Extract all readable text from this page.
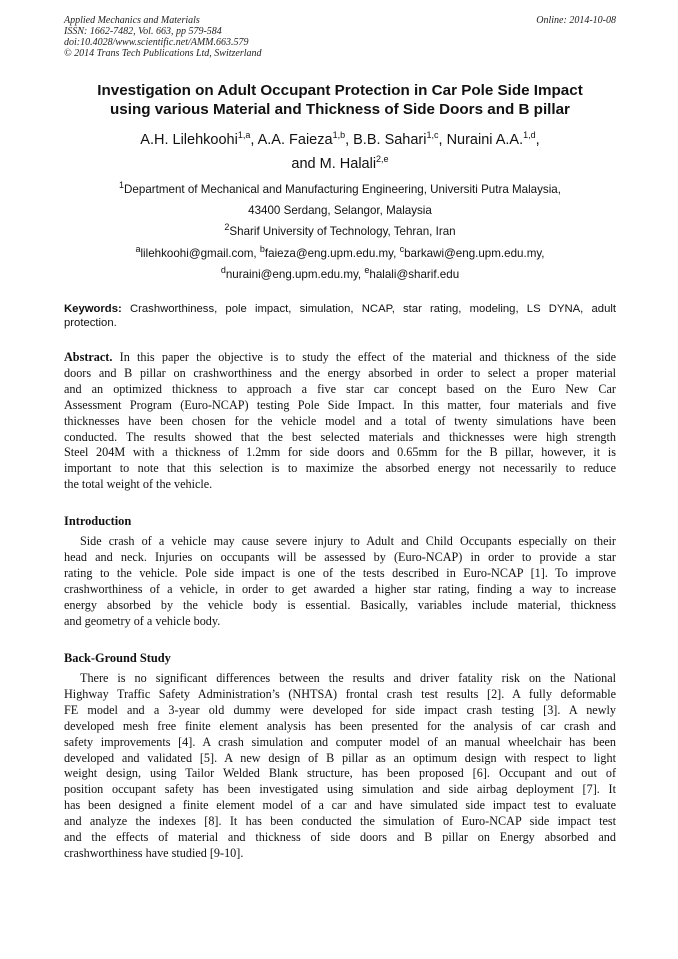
Applied Mechanics and Materials
ISSN: 1662-7482, Vol. 663, pp 579-584
doi:10.4028/www.scientific.net/AMM.663.579
© 2014 Trans Tech Publications Ltd, Switzerland
Online: 2014-10-08
Investigation on Adult Occupant Protection in Car Pole Side Impact
using various Material and Thickness of Side Doors and B pillar
A.H. Lilehkoohi$^{1,a}$, A.A. Faieza$^{1,b}$, B.B. Sahari$^{1,c}$, Nuraini A.A.$^{1,d}$,
and M. Halali$^{2,e}$
$^1$Department of Mechanical and Manufacturing Engineering, Universiti Putra Malaysia,
43400 Serdang, Selangor, Malaysia
$^2$Sharif University of Technology, Tehran, Iran
$^a$lilehkoohi@gmail.com, $^b$faieza@eng.upm.edu.my, $^c$barkawi@eng.upm.edu.my,
$^d$nuraini@eng.upm.edu.my, $^e$halali@sharif.edu
Keywords: Crashworthiness, pole impact, simulation, NCAP, star rating, modeling, LS DYNA, adult protection.
Abstract. In this paper the objective is to study the effect of the material and thickness of the side
doors and B pillar on crashworthiness and the energy absorbed in order to select a proper material
and an optimized thickness to approach a five star car concept based on the Euro New Car
Assessment Program (Euro-NCAP) testing Pole Side Impact. In this matter, four materials and five
thicknesses have been chosen for the vehicle model and a total of twenty simulations have been
conducted. The results showed that the best selected materials and thicknesses were high strength
Steel 204M with a thickness of 1.2mm for side doors and 0.65mm for the B pillar, however, it is
important to note that this selection is to maximize the absorbed energy not necessarily to reduce
the total weight of the vehicle.
Introduction
Side crash of a vehicle may cause severe injury to Adult and Child Occupants especially on their
head and neck. Injuries on occupants will be assessed by (Euro-NCAP) in order to provide a star
rating to the vehicle. Pole side impact is one of the tests described in Euro-NCAP [1]. To improve
crashworthiness of a vehicle, in order to get awarded a higher star rating, finding a way to increase
energy absorbed by the vehicle body is essential. Basically, variables include material, thickness
and geometry of a vehicle body.
Back-Ground Study
There is no significant differences between the results and driver fatality risk on the National
Highway Traffic Safety Administration’s (NHTSA) frontal crash test results [2]. A fully deformable
FE model and a 3-year old dummy were developed for side impact crash testing [3]. A newly
developed mesh free finite element analysis has been presented for the analysis of car crash and
safety improvements [4]. A crash simulation and computer model of an manual wheelchair has been
developed and validated [5]. A new design of B pillar as an optimum design with respect to light
weight design, using Tailor Welded Blank structure, has been proposed [6]. Occupant and out of
position occupant safety has been investigated using simulation and side airbag deployment [7]. It
has been designed a finite element model of a car and have simulated side impact test to evaluate
and analyze the indexes [8]. It has been conducted the simulation of Euro-NCAP side impact test
and the effects of material and thickness of side doors and B pillar on Energy absorbed and
crashworthiness have studied [9-10].
